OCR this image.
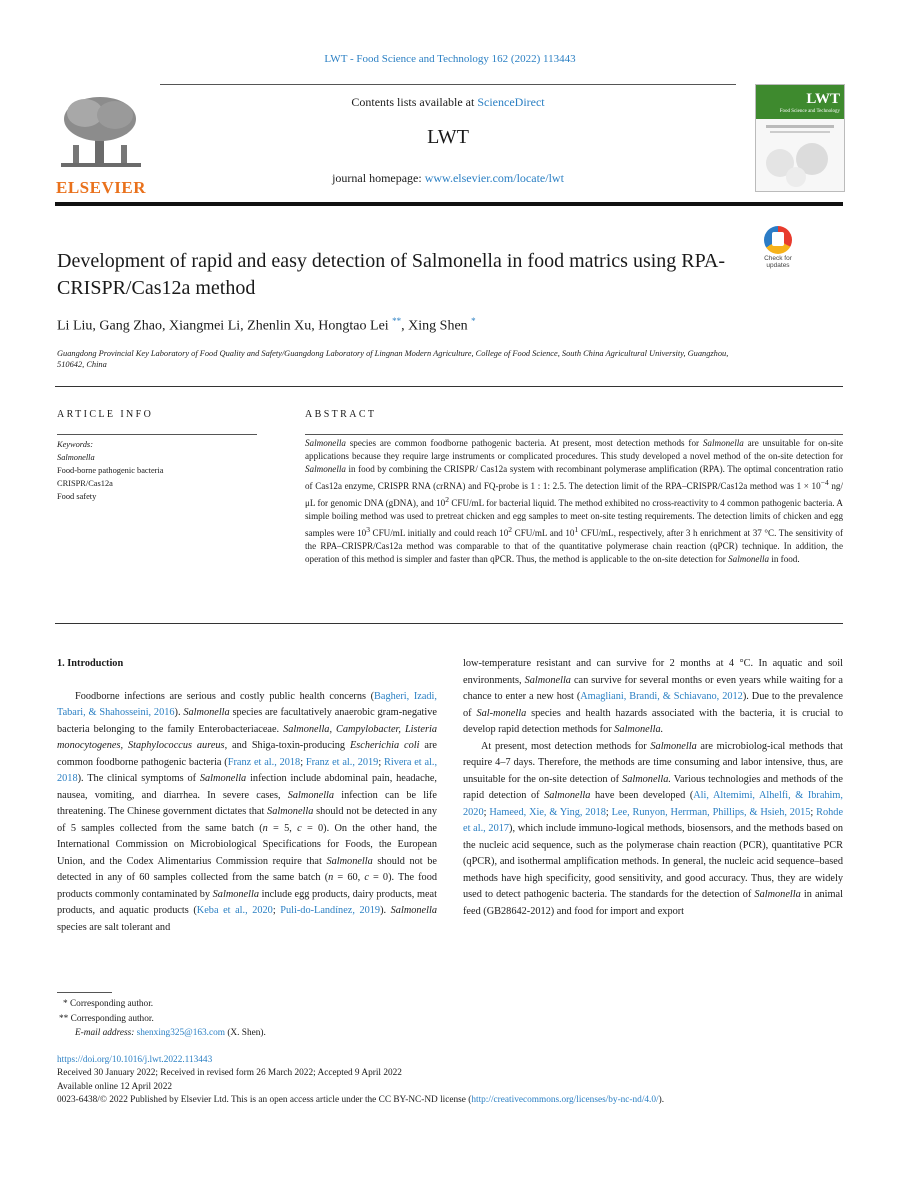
LWT - Food Science and Technology 162 (2022) 113443
ELSEVIER
Contents lists available at ScienceDirect
LWT
journal homepage: www.elsevier.com/locate/lwt
LWT
Food Science and Technology
Development of rapid and easy detection of Salmonella in food matrics using RPA-CRISPR/Cas12a method
Check for
updates
Li Liu, Gang Zhao, Xiangmei Li, Zhenlin Xu, Hongtao Lei **, Xing Shen *
Guangdong Provincial Key Laboratory of Food Quality and Safety/Guangdong Laboratory of Lingnan Modern Agriculture, College of Food Science, South China Agricultural University, Guangzhou, 510642, China
ARTICLE INFO	ABSTRACT
Keywords:
Salmonella
Food-borne pathogenic bacteria
CRISPR/Cas12a
Food safety
Salmonella species are common foodborne pathogenic bacteria. At present, most detection methods for Salmonella are unsuitable for on-site applications because they require large instruments or complicated procedures. This study developed a novel method of the on-site detection for Salmonella in food by combining the CRISPR/ Cas12a system with recombinant polymerase amplification (RPA). The optimal concentration ratio of Cas12a enzyme, CRISPR RNA (crRNA) and FQ-probe is 1 : 1: 2.5. The detection limit of the RPA–CRISPR/Cas12a method was $1 \times 10^{-4}$ ng/μL for genomic DNA (gDNA), and $10^2$ CFU/mL for bacterial liquid. The method exhibited no cross-reactivity to 4 common pathogenic bacteria. A simple boiling method was used to pretreat chicken and egg samples to meet on-site testing requirements. The detection limits of chicken and egg samples were $10^3$ CFU/mL initially and could reach $10^2$ CFU/mL and $10^1$ CFU/mL, respectively, after 3 h enrichment at 37 °C. The sensitivity of the RPA–CRISPR/Cas12a method was comparable to that of the quantitative polymerase chain reaction (qPCR) technique. In addition, the operation of this method is simpler and faster than qPCR. Thus, the method is applicable to the on-site detection for Salmonella in food.

1. Introduction

Foodborne infections are serious and costly public health concerns (Bagheri, Izadi, Tabari, & Shahosseini, 2016). Salmonella species are facultatively anaerobic gram-negative bacteria belonging to the family Enterobacteriaceae. Salmonella, Campylobacter, Listeria monocytogenes, Staphylococcus aureus, and Shiga-toxin-producing Escherichia coli are common foodborne pathogenic bacteria (Franz et al., 2018; Franz et al., 2019; Rivera et al., 2018). The clinical symptoms of Salmonella infection include abdominal pain, headache, nausea, vomiting, and diarrhea. In severe cases, Salmonella infection can be life threatening. The Chinese government dictates that Salmonella should not be detected in any of 5 samples collected from the same batch (n = 5, c = 0). On the other hand, the International Commission on Microbiological Specifications for Foods, the European Union, and the Codex Alimentarius Commission require that Salmonella should not be detected in any of 60 samples collected from the same batch (n = 60, c = 0). The food products commonly contaminated by Salmonella include egg products, dairy products, meat products, and aquatic products (Keba et al., 2020; Puli-do-Landínez, 2019). Salmonella species are salt tolerant and

low-temperature resistant and can survive for 2 months at 4 °C. In aquatic and soil environments, Salmonella can survive for several months or even years while waiting for a chance to enter a new host (Amagliani, Brandi, & Schiavano, 2012). Due to the prevalence of Sal-monella species and health hazards associated with the bacteria, it is crucial to develop rapid detection methods for Salmonella.

At present, most detection methods for Salmonella are microbiolog-ical methods that require 4–7 days. Therefore, the methods are time consuming and labor intensive, thus, are unsuitable for the on-site detection of Salmonella. Various technologies and methods of the rapid detection of Salmonella have been developed (Ali, Altemimi, Alhelfi, & Ibrahim, 2020; Hameed, Xie, & Ying, 2018; Lee, Runyon, Herrman, Phillips, & Hsieh, 2015; Rohde et al., 2017), which include immuno-logical methods, biosensors, and the methods based on the nucleic acid sequence, such as the polymerase chain reaction (PCR), quantitative PCR (qPCR), and isothermal amplification methods. In general, the nucleic acid sequence–based methods have high specificity, good sensitivity, and good accuracy. Thus, they are widely used to detect pathogenic bacteria. The standards for the detection of Salmonella in animal feed (GB28642-2012) and food for import and export

* Corresponding author.
** Corresponding author.
E-mail address: shenxing325@163.com (X. Shen).
https://doi.org/10.1016/j.lwt.2022.113443
Received 30 January 2022; Received in revised form 26 March 2022; Accepted 9 April 2022
Available online 12 April 2022
0023-6438/© 2022 Published by Elsevier Ltd. This is an open access article under the CC BY-NC-ND license (http://creativecommons.org/licenses/by-nc-nd/4.0/).
